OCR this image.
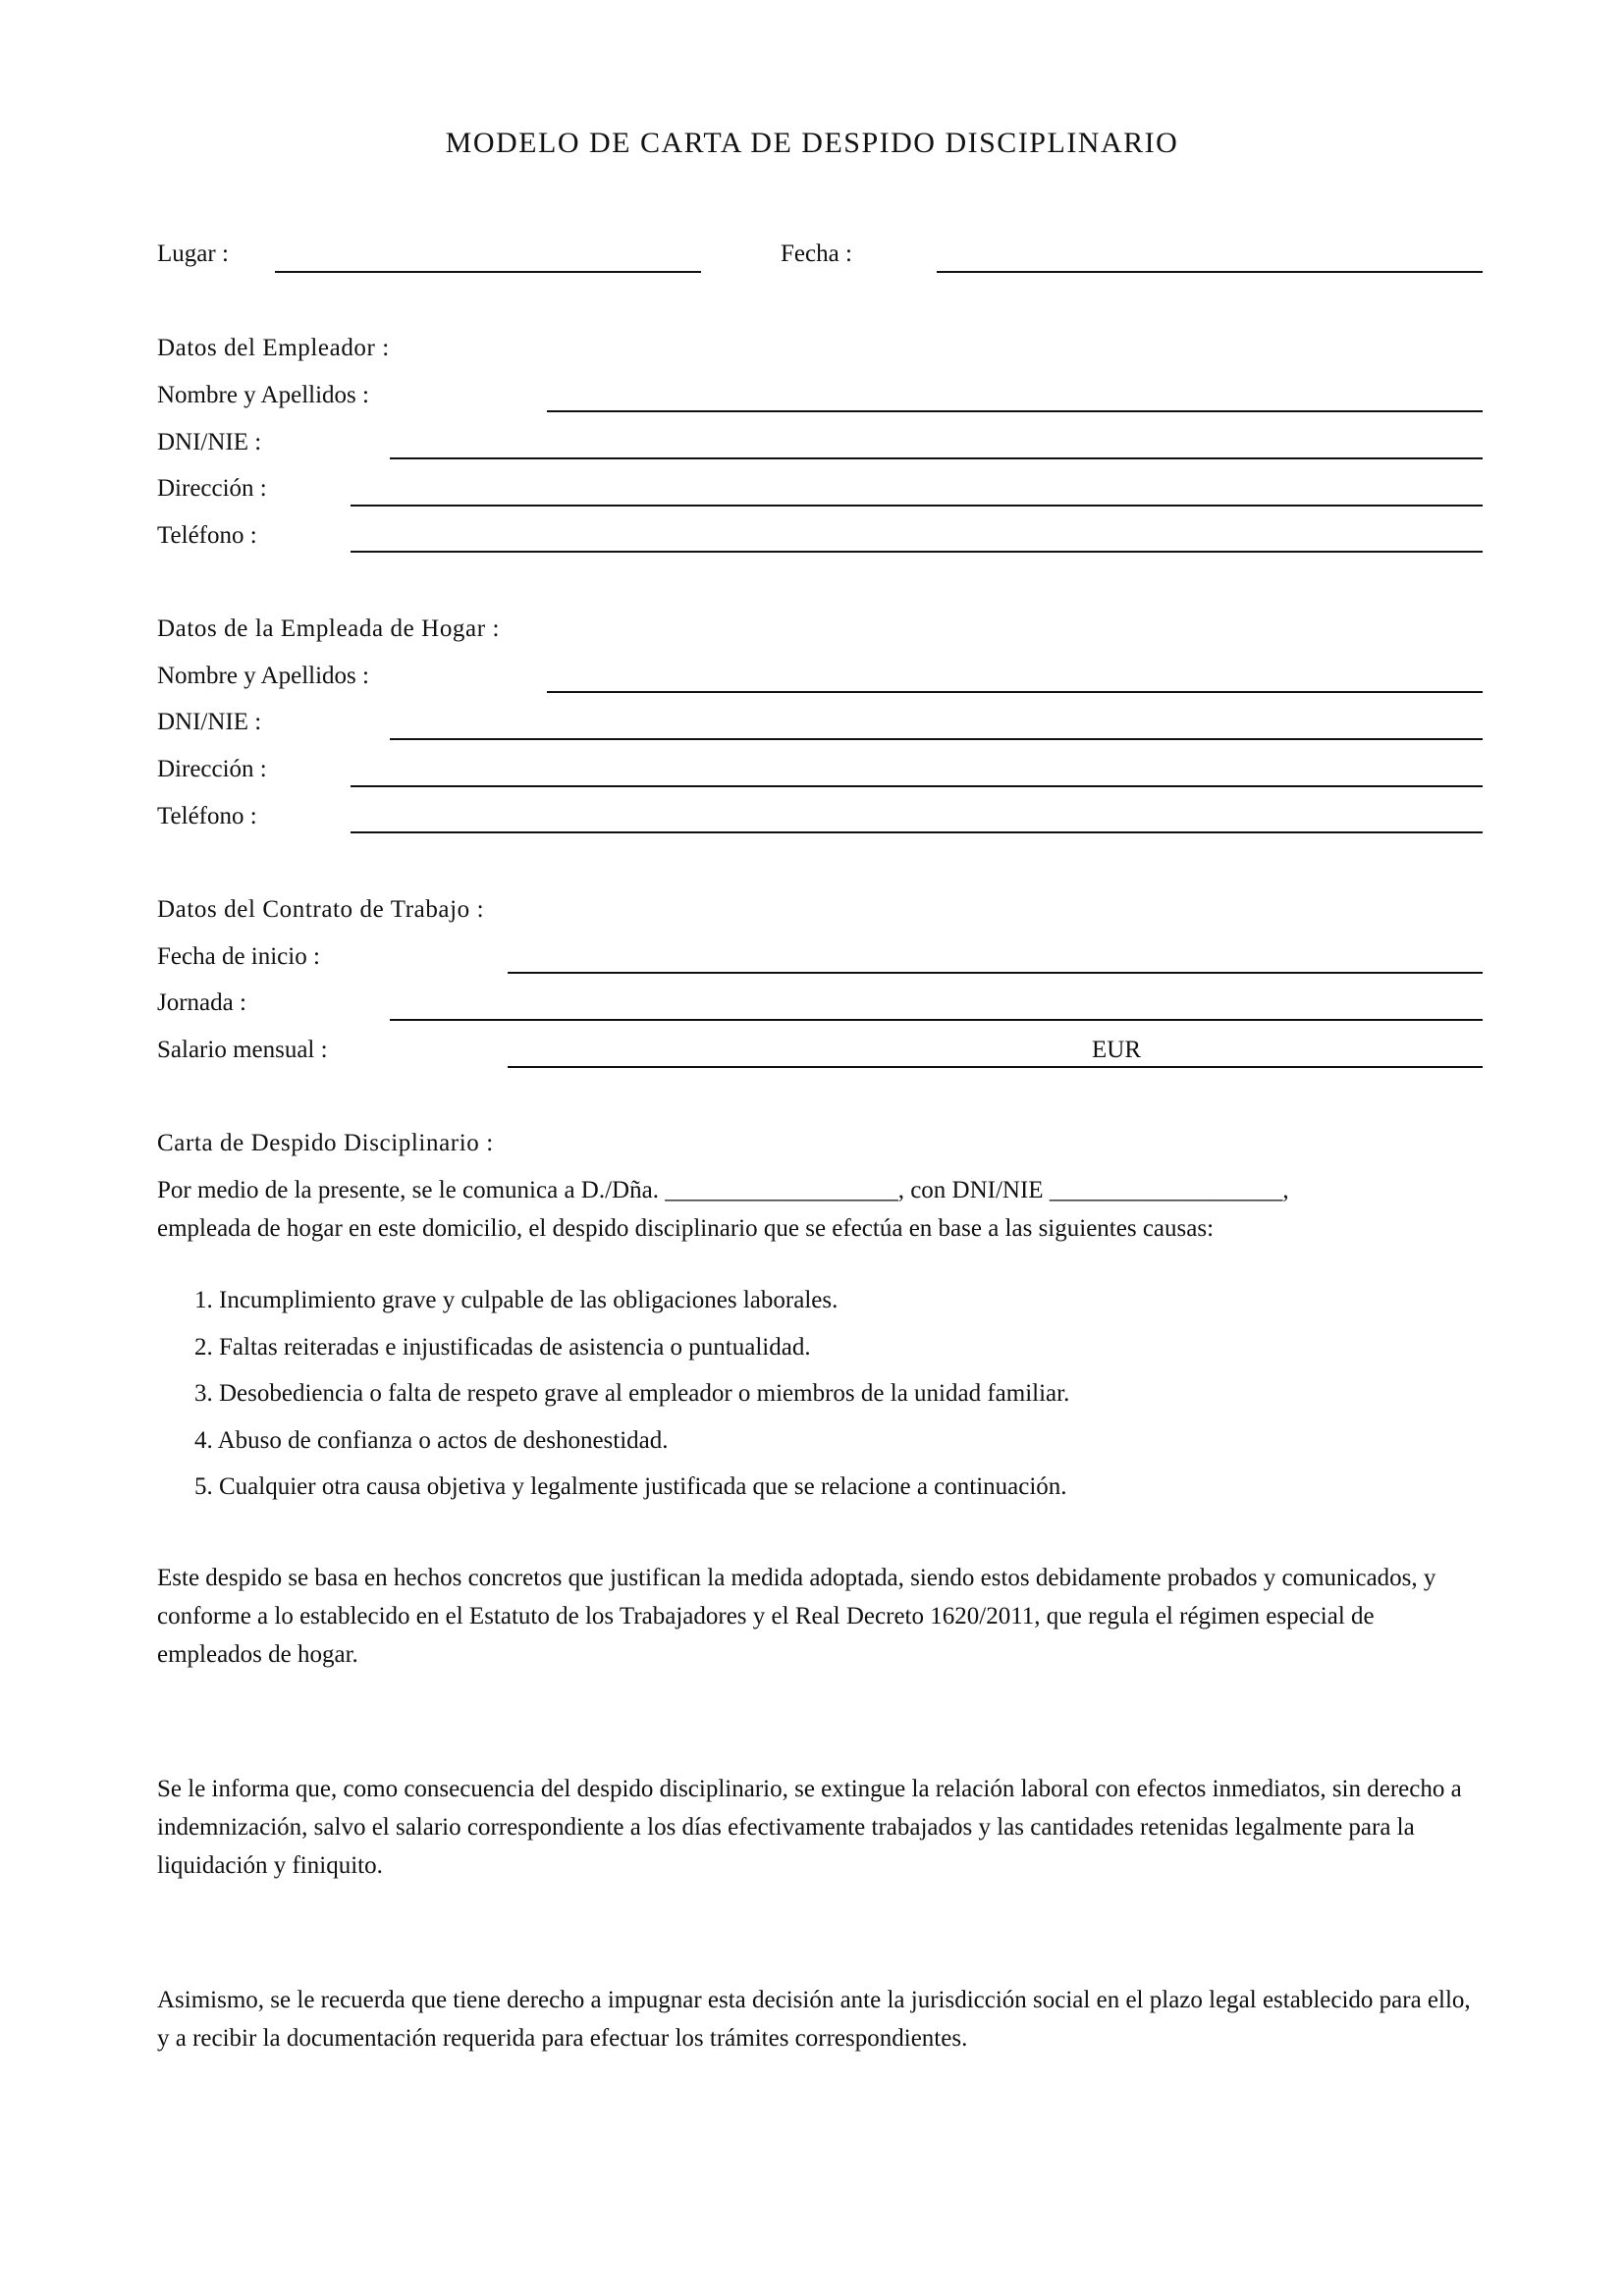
MODELO DE CARTA DE DESPIDO DISCIPLINARIO
Lugar :	Fecha :
Datos del Empleador :
Nombre y Apellidos :
DNI/NIE :
Dirección :
Teléfono :
Datos de la Empleada de Hogar :
Nombre y Apellidos :
DNI/NIE :
Dirección :
Teléfono :
Datos del Contrato de Trabajo :
Fecha de inicio :
Jornada :
Salario mensual :	EUR
Carta de Despido Disciplinario :
Por medio de la presente, se le comunica a D./Dña. ___________________, con DNI/NIE ___________________,
empleada de hogar en este domicilio, el despido disciplinario que se efectúa en base a las siguientes causas:
1. Incumplimiento grave y culpable de las obligaciones laborales.
2. Faltas reiteradas e injustificadas de asistencia o puntualidad.
3. Desobediencia o falta de respeto grave al empleador o miembros de la unidad familiar.
4. Abuso de confianza o actos de deshonestidad.
5. Cualquier otra causa objetiva y legalmente justificada que se relacione a continuación.

Este despido se basa en hechos concretos que justifican la medida adoptada, siendo estos debidamente probados y comunicados, y conforme a lo establecido en el Estatuto de los Trabajadores y el Real Decreto 1620/2011, que regula el régimen especial de empleados de hogar.

Se le informa que, como consecuencia del despido disciplinario, se extingue la relación laboral con efectos inmediatos, sin derecho a indemnización, salvo el salario correspondiente a los días efectivamente trabajados y las cantidades retenidas legalmente para la liquidación y finiquito.

Asimismo, se le recuerda que tiene derecho a impugnar esta decisión ante la jurisdicción social en el plazo legal establecido para ello, y a recibir la documentación requerida para efectuar los trámites correspondientes.
